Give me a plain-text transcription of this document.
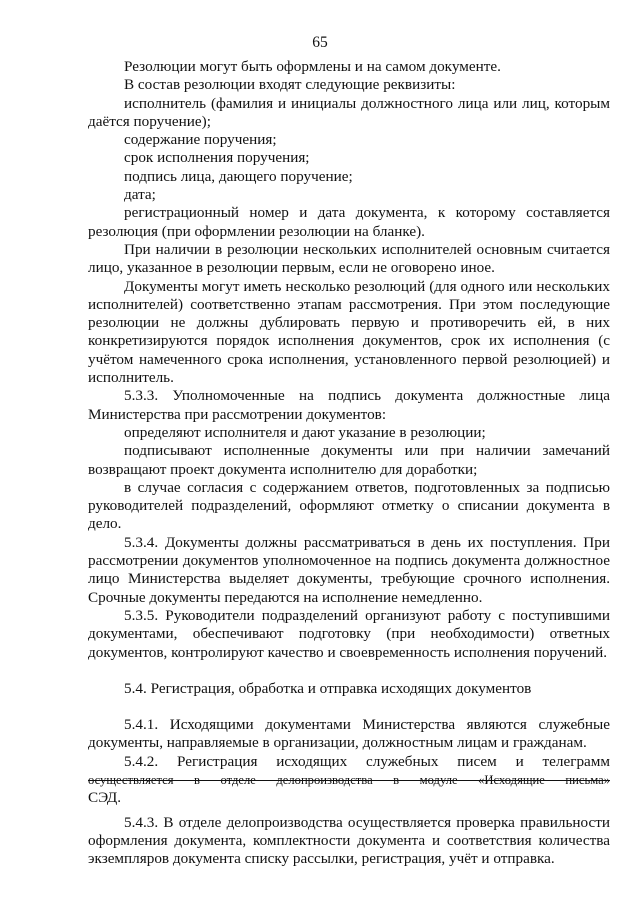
65

Резолюции могут быть оформлены и на самом документе.

В состав резолюции входят следующие реквизиты:

исполнитель (фамилия и инициалы должностного лица или лиц, которым даётся поручение);

содержание поручения;

срок исполнения поручения;

подпись лица, дающего поручение;

дата;

регистрационный номер и дата документа, к которому составляется резолюция (при оформлении резолюции на бланке).

При наличии в резолюции нескольких исполнителей основным считается лицо, указанное в резолюции первым, если не оговорено иное.

Документы могут иметь несколько резолюций (для одного или нескольких исполнителей) соответственно этапам рассмотрения. При этом последующие резолюции не должны дублировать первую и противоречить ей, в них конкретизируются порядок исполнения документов, срок их исполнения (с учётом намеченного срока исполнения, установленного первой резолюцией) и исполнитель.

5.3.3. Уполномоченные на подпись документа должностные лица Министерства при рассмотрении документов:

определяют исполнителя и дают указание в резолюции;

подписывают исполненные документы или при наличии замечаний возвращают проект документа исполнителю для доработки;

в случае согласия с содержанием ответов, подготовленных за подписью руководителей подразделений, оформляют отметку о списании документа в дело.

5.3.4. Документы должны рассматриваться в день их поступления. При рассмотрении документов уполномоченное на подпись документа должностное лицо Министерства выделяет документы, требующие срочного исполнения. Срочные документы передаются на исполнение немедленно.

5.3.5. Руководители подразделений организуют работу с поступившими документами, обеспечивают подготовку (при необходимости) ответных документов, контролируют качество и своевременность исполнения поручений.

5.4. Регистрация, обработка и отправка исходящих документов

5.4.1. Исходящими документами Министерства являются служебные документы, направляемые в организации, должностным лицам и гражданам.

5.4.2. Регистрация исходящих служебных писем и телеграмм

осуществляется в отделе делопроизводства в модуле «Исходящие письма»

СЭД.

5.4.3. В отделе делопроизводства осуществляется проверка правильности оформления документа, комплектности документа и соответствия количества экземпляров документа списку рассылки, регистрация, учёт и отправка.
